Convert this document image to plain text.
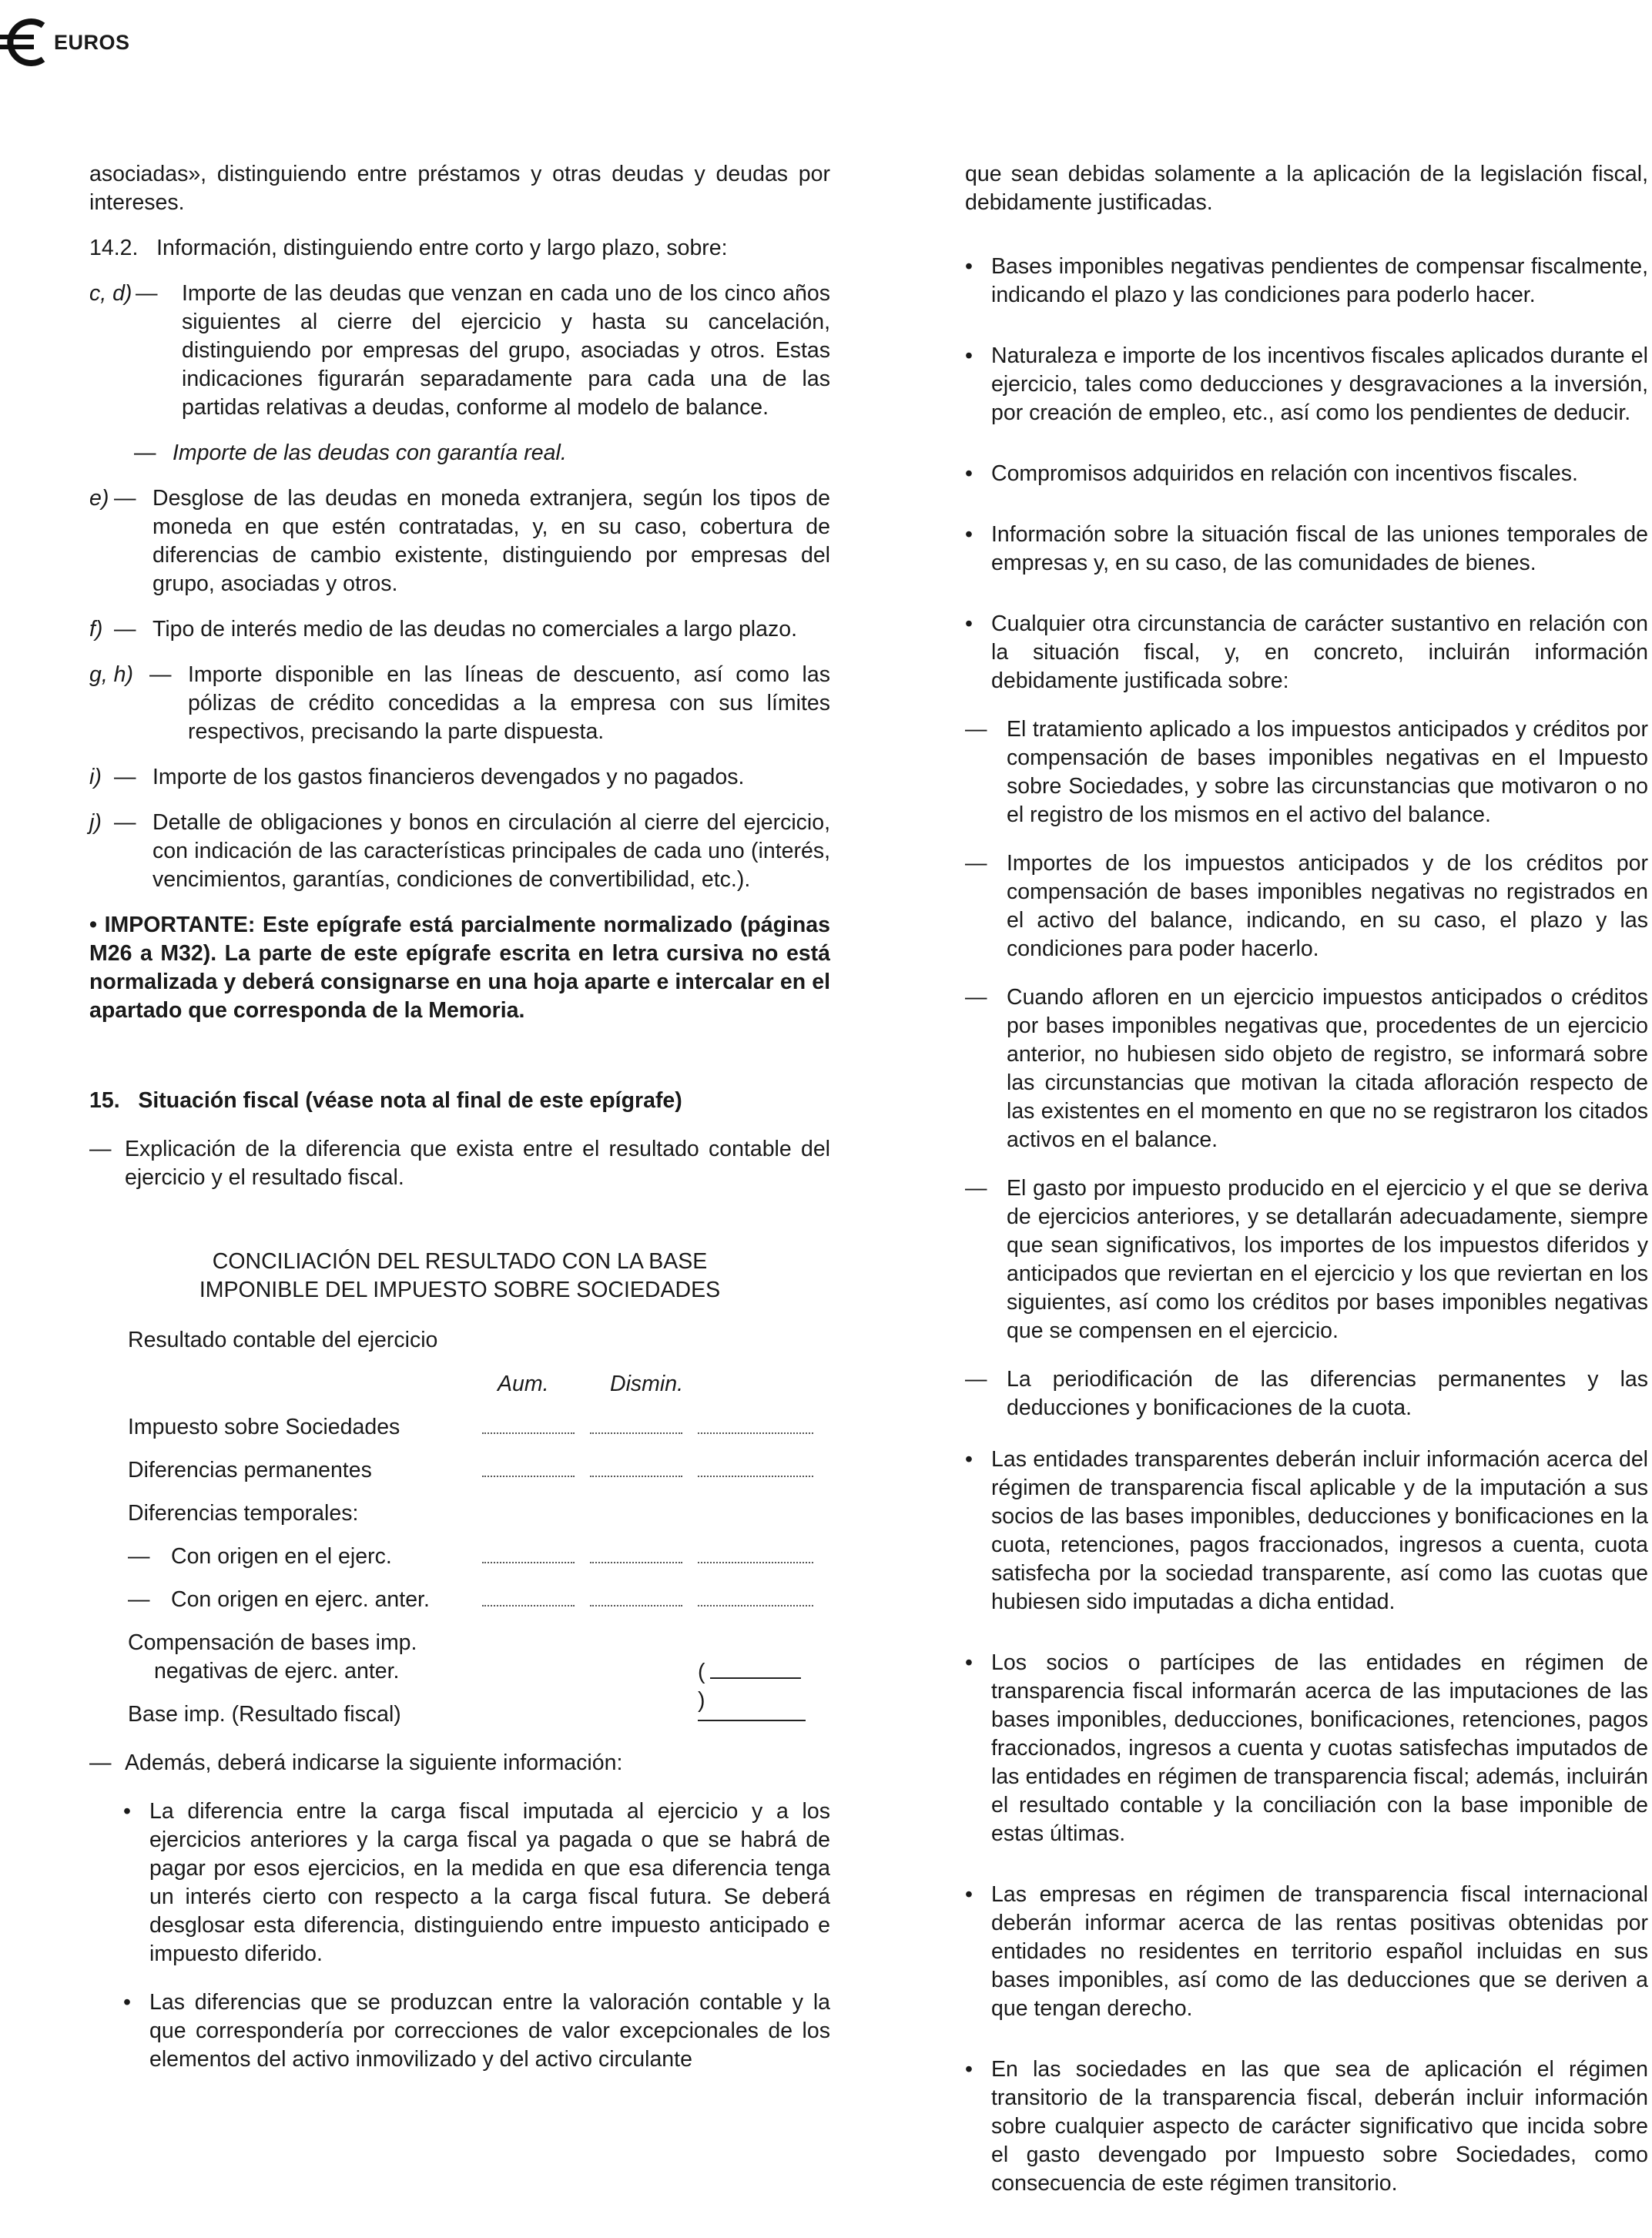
EUROS

asociadas», distinguiendo entre préstamos y otras deudas y deudas por intereses.

14.2.   Información, distinguiendo entre corto y largo plazo, sobre:

c, d) —	Importe de las deudas que venzan en cada uno de los cinco años siguientes al cierre del ejercicio y hasta su cancelación, distinguiendo por empresas del grupo, asociadas y otros. Estas indicaciones figurarán separadamente para cada una de las partidas relativas a deudas, conforme al modelo de balance.
— Importe de las deudas con garantía real.
e) — Desglose de las deudas en moneda extranjera, según los tipos de moneda en que estén contratadas, y, en su caso, cobertura de diferencias de cambio existente, distinguiendo por empresas del grupo, asociadas y otros.
f) — Tipo de interés medio de las deudas no comerciales a largo plazo.
g, h) — Importe disponible en las líneas de descuento, así como las pólizas de crédito concedidas a la empresa con sus límites respectivos, precisando la parte dispuesta.
i) — Importe de los gastos financieros devengados y no pagados.
j) — Detalle de obligaciones y bonos en circulación al cierre del ejercicio, con indicación de las características principales de cada uno (interés, vencimientos, garantías, condiciones de convertibilidad, etc.).

• IMPORTANTE: Este epígrafe está parcialmente normalizado (páginas M26 a M32). La parte de este epígrafe escrita en letra cursiva no está normalizada y deberá consignarse en una hoja aparte e intercalar en el apartado que corresponda de la Memoria.

15.   Situación fiscal (véase nota al final de este epígrafe)

— Explicación de la diferencia que exista entre el resultado contable del ejercicio y el resultado fiscal.
CONCILIACIÓN DEL RESULTADO CON LA BASE
IMPONIBLE DEL IMPUESTO SOBRE SOCIEDADES
Resultado contable del ejercicio
Aum.	Dismin.
Impuesto sobre Sociedades
Diferencias permanentes
Diferencias temporales:
— Con origen en el ejerc.
— Con origen en ejerc. anter.
Compensación de bases imp.
negativas de ejerc. anter.	()
Base imp. (Resultado fiscal)
— Además, deberá indicarse la siguiente información:
• La diferencia entre la carga fiscal imputada al ejercicio y a los ejercicios anteriores y la carga fiscal ya pagada o que se habrá de pagar por esos ejercicios, en la medida en que esa diferencia tenga un interés cierto con respecto a la carga fiscal futura. Se deberá desglosar esta diferencia, distinguiendo entre impuesto anticipado e impuesto diferido.
• Las diferencias que se produzcan entre la valoración contable y la que correspondería por correcciones de valor excepcionales de los elementos del activo inmovilizado y del activo circulante

que sean debidas solamente a la aplicación de la legislación fiscal, debidamente justificadas.

• Bases imponibles negativas pendientes de compensar fiscalmente, indicando el plazo y las condiciones para poderlo hacer.
• Naturaleza e importe de los incentivos fiscales aplicados durante el ejercicio, tales como deducciones y desgravaciones a la inversión, por creación de empleo, etc., así como los pendientes de deducir.
• Compromisos adquiridos en relación con incentivos fiscales.
• Información sobre la situación fiscal de las uniones temporales de empresas y, en su caso, de las comunidades de bienes.
• Cualquier otra circunstancia de carácter sustantivo en relación con la situación fiscal, y, en concreto, incluirán información debidamente justificada sobre:
— El tratamiento aplicado a los impuestos anticipados y créditos por compensación de bases imponibles negativas en el Impuesto sobre Sociedades, y sobre las circunstancias que motivaron o no el registro de los mismos en el activo del balance.
— Importes de los impuestos anticipados y de los créditos por compensación de bases imponibles negativas no registrados en el activo del balance, indicando, en su caso, el plazo y las condiciones para poder hacerlo.
— Cuando afloren en un ejercicio impuestos anticipados o créditos por bases imponibles negativas que, procedentes de un ejercicio anterior, no hubiesen sido objeto de registro, se informará sobre las circunstancias que motivan la citada afloración respecto de las existentes en el momento en que no se registraron los citados activos en el balance.
— El gasto por impuesto producido en el ejercicio y el que se deriva de ejercicios anteriores, y se detallarán adecuadamente, siempre que sean significativos, los importes de los impuestos diferidos y anticipados que reviertan en el ejercicio y los que reviertan en los siguientes, así como los créditos por bases imponibles negativas que se compensen en el ejercicio.
— La periodificación de las diferencias permanentes y las deducciones y bonificaciones de la cuota.
• Las entidades transparentes deberán incluir información acerca del régimen de transparencia fiscal aplicable y de la imputación a sus socios de las bases imponibles, deducciones y bonificaciones en la cuota, retenciones, pagos fraccionados, ingresos a cuenta, cuota satisfecha por la sociedad transparente, así como las cuotas que hubiesen sido imputadas a dicha entidad.
• Los socios o partícipes de las entidades en régimen de transparencia fiscal informarán acerca de las imputaciones de las bases imponibles, deducciones, bonificaciones, retenciones, pagos fraccionados, ingresos a cuenta y cuotas satisfechas imputados de las entidades en régimen de transparencia fiscal; además, incluirán el resultado contable y la conciliación con la base imponible de estas últimas.
• Las empresas en régimen de transparencia fiscal internacional deberán informar acerca de las rentas positivas obtenidas por entidades no residentes en territorio español incluidas en sus bases imponibles, así como de las deducciones que se deriven a que tengan derecho.
• En las sociedades en las que sea de aplicación el régimen transitorio de la transparencia fiscal, deberán incluir información sobre cualquier aspecto de carácter significativo que incida sobre el gasto devengado por Impuesto sobre Sociedades, como consecuencia de este régimen transitorio.
